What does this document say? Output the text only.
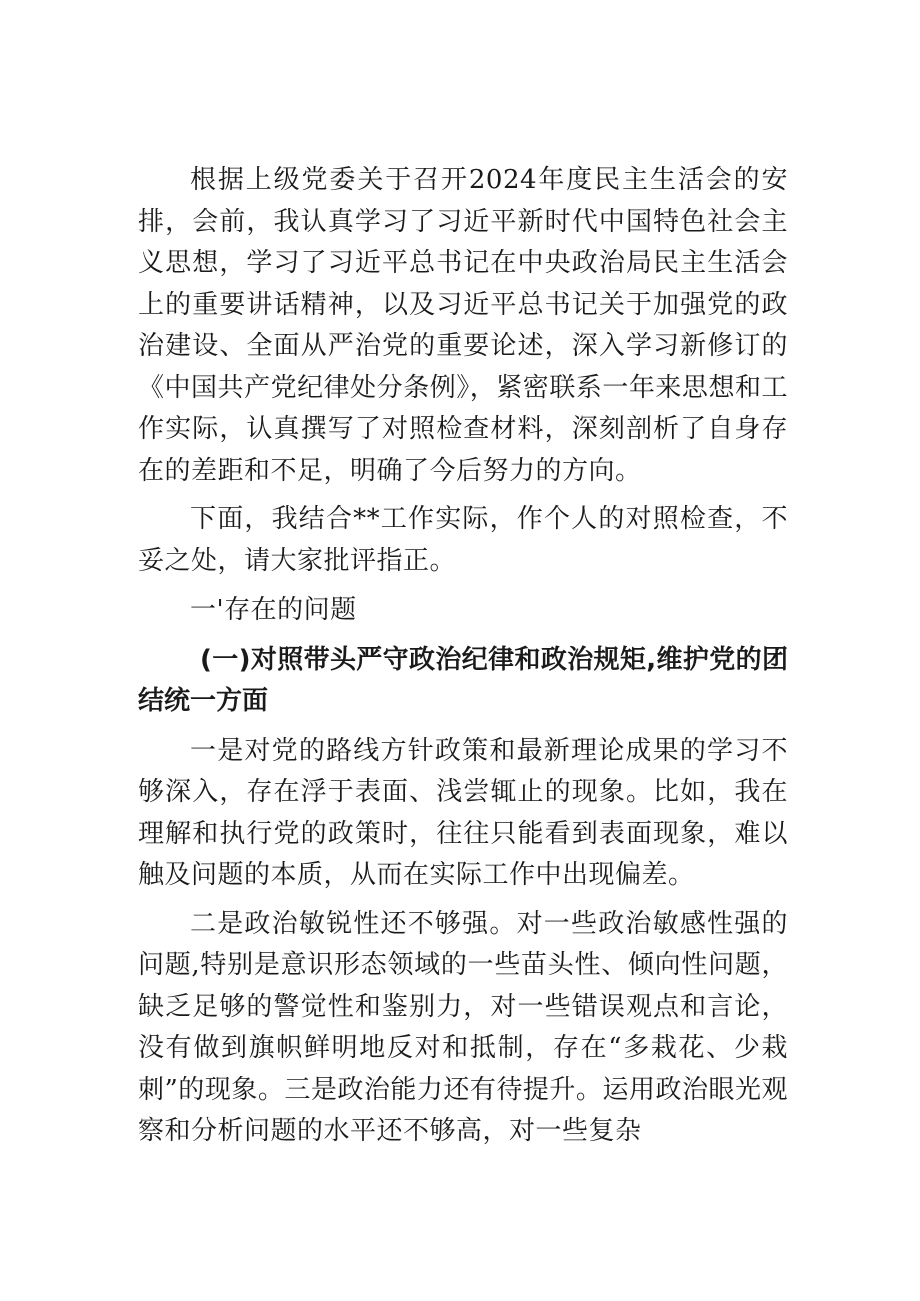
根据上级党委关于召开2024年度民主生活会的安排，会前，我认真学习了习近平新时代中国特色社会主义思想，学习了习近平总书记在中央政治局民主生活会上的重要讲话精神，以及习近平总书记关于加强党的政治建设、全面从严治党的重要论述，深入学习新修订的《中国共产党纪律处分条例》，紧密联系一年来思想和工作实际，认真撰写了对照检查材料，深刻剖析了自身存在的差距和不足，明确了今后努力的方向。

下面，我结合**工作实际，作个人的对照检查，不妥之处，请大家批评指正。

一'存在的问题

(一)对照带头严守政治纪律和政治规矩,维护党的团结统一方面

一是对党的路线方针政策和最新理论成果的学习不够深入，存在浮于表面、浅尝辄止的现象。比如，我在理解和执行党的政策时，往往只能看到表面现象，难以触及问题的本质，从而在实际工作中出现偏差。

二是政治敏锐性还不够强。对一些政治敏感性强的问题,特别是意识形态领域的一些苗头性、倾向性问题，缺乏足够的警觉性和鉴别力，对一些错误观点和言论，没有做到旗帜鲜明地反对和抵制，存在“多栽花、少栽刺”的现象。三是政治能力还有待提升。运用政治眼光观察和分析问题的水平还不够高，对一些复杂
